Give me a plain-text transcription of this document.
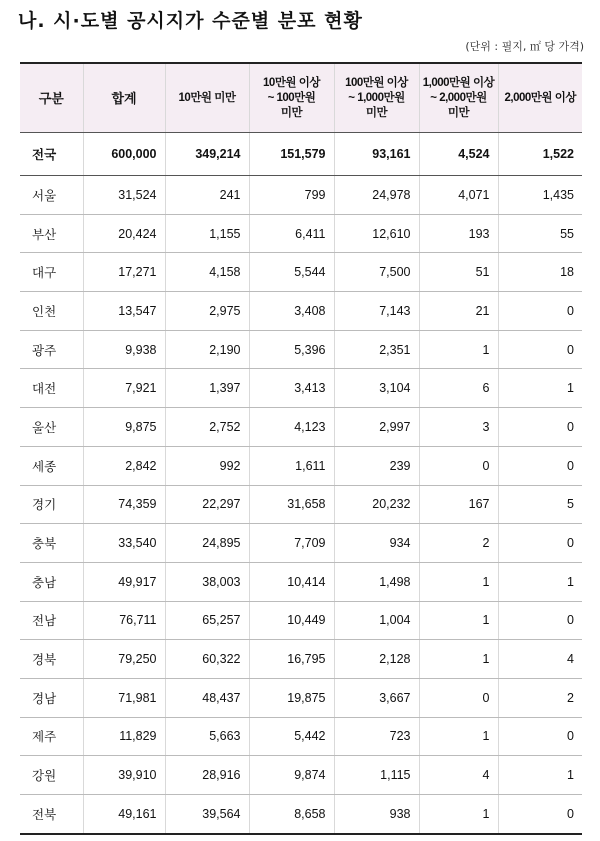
나. 시·도별 공시지가 수준별 분포 현황
(단위 : 필지, ㎡ 당 가격)
구분	합계	10만원 미만	10만원 이상
~ 100만원
미만	100만원 이상
~ 1,000만원
미만	1,000만원 이상
~ 2,000만원
미만	2,000만원 이상
전국	600,000	349,214	151,579	93,161	4,524	1,522
서울	31,524	241	799	24,978	4,071	1,435
부산	20,424	1,155	6,411	12,610	193	55
대구	17,271	4,158	5,544	7,500	51	18
인천	13,547	2,975	3,408	7,143	21	0
광주	9,938	2,190	5,396	2,351	1	0
대전	7,921	1,397	3,413	3,104	6	1
울산	9,875	2,752	4,123	2,997	3	0
세종	2,842	992	1,611	239	0	0
경기	74,359	22,297	31,658	20,232	167	5
충북	33,540	24,895	7,709	934	2	0
충남	49,917	38,003	10,414	1,498	1	1
전남	76,711	65,257	10,449	1,004	1	0
경북	79,250	60,322	16,795	2,128	1	4
경남	71,981	48,437	19,875	3,667	0	2
제주	11,829	5,663	5,442	723	1	0
강원	39,910	28,916	9,874	1,115	4	1
전북	49,161	39,564	8,658	938	1	0
